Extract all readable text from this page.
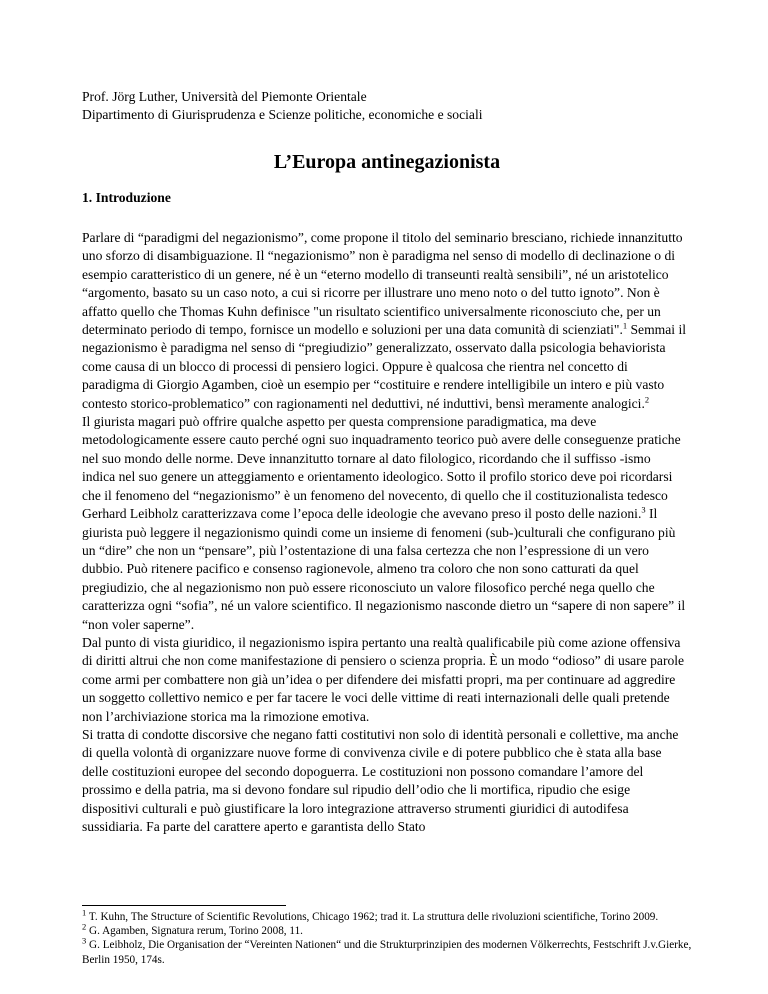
Prof. Jörg Luther, Università del Piemonte Orientale
Dipartimento di Giurisprudenza e Scienze politiche, economiche e sociali
L’Europa antinegazionista
1. Introduzione

Parlare di “paradigmi del negazionismo”, come propone il titolo del seminario bresciano, richiede innanzitutto uno sforzo di disambiguazione. Il “negazionismo” non è paradigma nel senso di modello di declinazione o di esempio caratteristico di un genere, né è un “eterno modello di transeunti realtà sensibili”, né un aristotelico “argomento, basato su un caso noto, a cui si ricorre per illustrare uno meno noto o del tutto ignoto”. Non è affatto quello che Thomas Kuhn definisce "un risultato scientifico universalmente riconosciuto che, per un determinato periodo di tempo, fornisce un modello e soluzioni per una data comunità di scienziati".$^1$ Semmai il negazionismo è paradigma nel senso di “pregiudizio” generalizzato, osservato dalla psicologia behaviorista come causa di un blocco di processi di pensiero logici. Oppure è qualcosa che rientra nel concetto di paradigma di Giorgio Agamben, cioè un esempio per “costituire e rendere intelligibile un intero e più vasto contesto storico-problematico” con ragionamenti nel deduttivi, né induttivi, bensì meramente analogici.$^2$

Il giurista magari può offrire qualche aspetto per questa comprensione paradigmatica, ma deve metodologicamente essere cauto perché ogni suo inquadramento teorico può avere delle conseguenze pratiche nel suo mondo delle norme. Deve innanzitutto tornare al dato filologico, ricordando che il suffisso -ismo indica nel suo genere un atteggiamento e orientamento ideologico. Sotto il profilo storico deve poi ricordarsi che il fenomeno del “negazionismo” è un fenomeno del novecento, di quello che il costituzionalista tedesco Gerhard Leibholz caratterizzava come l’epoca delle ideologie che avevano preso il posto delle nazioni.$^3$ Il giurista può leggere il negazionismo quindi come un insieme di fenomeni (sub-)culturali che configurano più un “dire” che non un “pensare”, più l’ostentazione di una falsa certezza che non l’espressione di un vero dubbio. Può ritenere pacifico e consenso ragionevole, almeno tra coloro che non sono catturati da quel pregiudizio, che al negazionismo non può essere riconosciuto un valore filosofico perché nega quello che caratterizza ogni “sofia”, né un valore scientifico. Il negazionismo nasconde dietro un “sapere di non sapere” il “non voler saperne”.

Dal punto di vista giuridico, il negazionismo ispira pertanto una realtà qualificabile più come azione offensiva di diritti altrui che non come manifestazione di pensiero o scienza propria. È un modo “odioso” di usare parole come armi per combattere non già un’idea o per difendere dei misfatti propri, ma per continuare ad aggredire un soggetto collettivo nemico e per far tacere le voci delle vittime di reati internazionali delle quali pretende non l’archiviazione storica ma la rimozione emotiva.

Si tratta di condotte discorsive che negano fatti costitutivi non solo di identità personali e collettive, ma anche di quella volontà di organizzare nuove forme di convivenza civile e di potere pubblico che è stata alla base delle costituzioni europee del secondo dopoguerra. Le costituzioni non possono comandare l’amore del prossimo e della patria, ma si devono fondare sul ripudio dell’odio che li mortifica, ripudio che esige dispositivi culturali e può giustificare la loro integrazione attraverso strumenti giuridici di autodifesa sussidiaria. Fa parte del carattere aperto e garantista dello Stato

$^1$ T. Kuhn, The Structure of Scientific Revolutions, Chicago 1962; trad it. La struttura delle rivoluzioni scientifiche, Torino 2009.

$^2$ G. Agamben, Signatura rerum, Torino 2008, 11.

$^3$ G. Leibholz, Die Organisation der “Vereinten Nationen“ und die Strukturprinzipien des modernen Völkerrechts, Festschrift J.v.Gierke, Berlin 1950, 174s.
